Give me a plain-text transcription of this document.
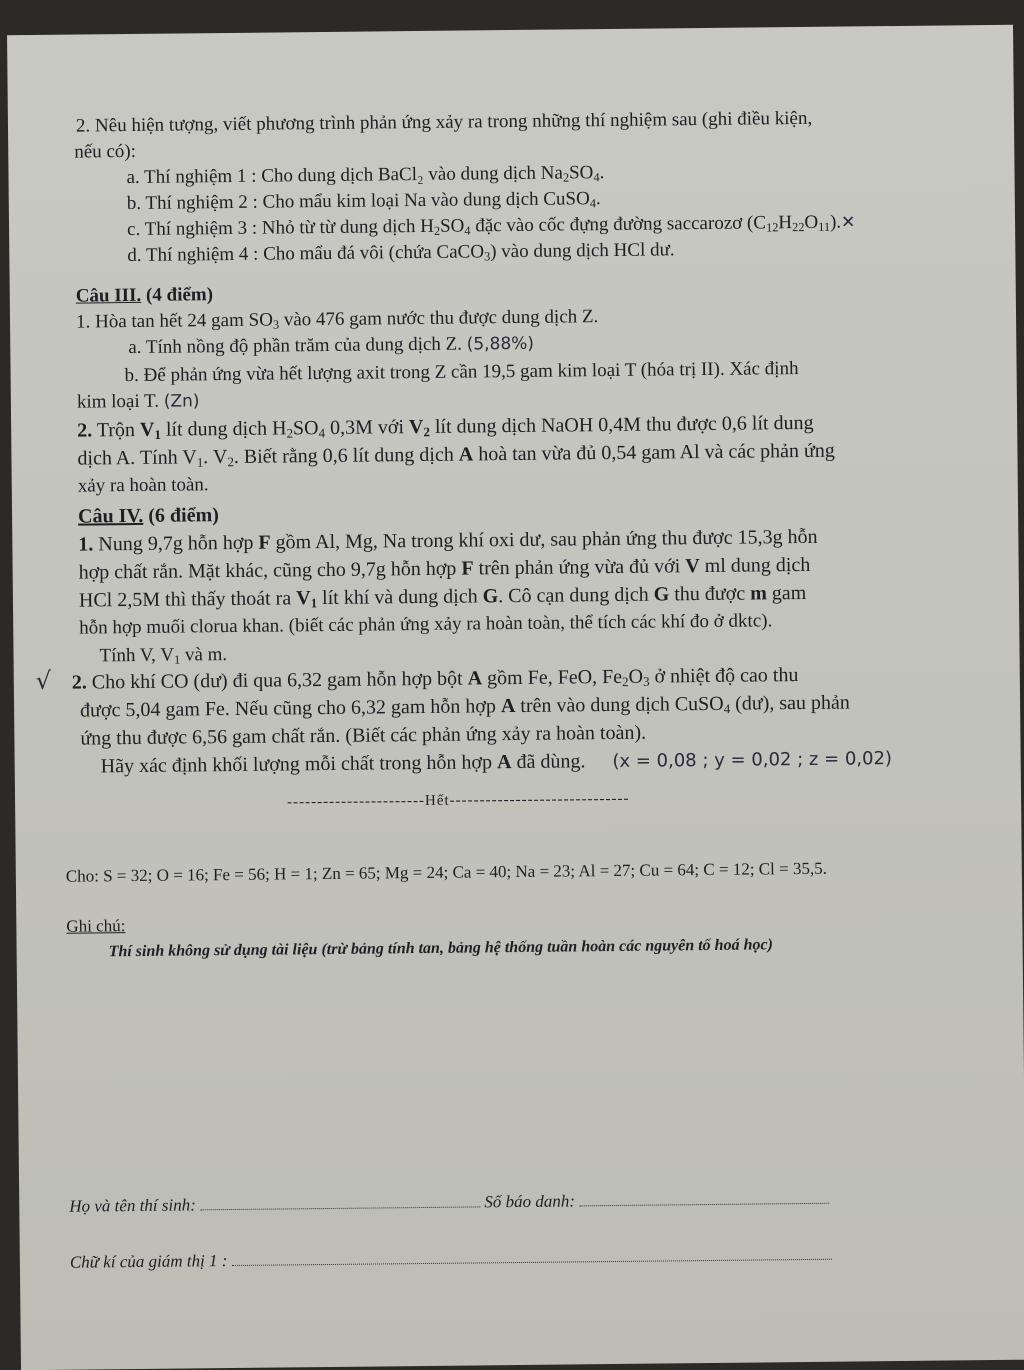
2. Nêu hiện tượng, viết phương trình phản ứng xảy ra trong những thí nghiệm sau (ghi điều kiện,
nếu có):
a. Thí nghiệm 1 : Cho dung dịch BaCl₂ vào dung dịch $Na_2SO_4$.
b. Thí nghiệm 2 : Cho mẩu kim loại Na vào dung dịch CuSO$_4$.
c. Thí nghiệm 3 : Nhỏ từ từ dung dịch $H_2SO_4$ đặc vào cốc đựng đường saccarozơ $(C_{12}H_{22}O_{11}).✕$
d. Thí nghiệm 4 : Cho mẩu đá vôi (chứa CaCO$_3$) vào dung dịch HCl dư.
Câu III. (4 điểm)
1. Hòa tan hết 24 gam $SO_3$ vào 476 gam nước thu được dung dịch Z.
a. Tính nồng độ phần trăm của dung dịch Z. (5,88%)
b. Để phản ứng vừa hết lượng axit trong Z cần 19,5 gam kim loại T (hóa trị II). Xác định
kim loại T. (Zn)
2. Trộn $V_1$ lít dung dịch $H_2SO_4$ 0,3M với $V_2$ lít dung dịch NaOH 0,4M thu được 0,6 lít dung
dịch A. Tính $V_1$. $V_2$. Biết rằng 0,6 lít dung dịch A hoà tan vừa đủ 0,54 gam Al và các phản ứng
xảy ra hoàn toàn.
Câu IV. (6 điểm)
1. Nung 9,7g hỗn hợp F gồm Al, Mg, Na trong khí oxi dư, sau phản ứng thu được 15,3g hỗn
hợp chất rắn. Mặt khác, cũng cho 9,7g hỗn hợp F trên phản ứng vừa đủ với V ml dung dịch
HCl 2,5M thì thấy thoát ra $V_1$ lít khí và dung dịch G. Cô cạn dung dịch G thu được m gam
hỗn hợp muối clorua khan. (biết các phản ứng xảy ra hoàn toàn, thể tích các khí đo ở dktc).
Tính V, $V_1$ và m.
√ 2. Cho khí CO (dư) đi qua 6,32 gam hỗn hợp bột A gồm Fe, FeO, $Fe_2O_3$ ở nhiệt độ cao thu
được 5,04 gam Fe. Nếu cũng cho 6,32 gam hỗn hợp A trên vào dung dịch CuSO$_4$ (dư), sau phản
ứng thu được 6,56 gam chất rắn. (Biết các phản ứng xảy ra hoàn toàn).
Hãy xác định khối lượng mỗi chất trong hỗn hợp A đã dùng. (x = 0,08 ; y = 0,02 ; z = 0,02)
-----------------------Hết------------------------------
Cho: S = 32; O = 16; Fe = 56; H = 1; Zn = 65; Mg = 24; Ca = 40; Na = 23; Al = 27; Cu = 64; C = 12; Cl = 35,5.
Ghi chú:
Thí sinh không sử dụng tài liệu (trừ bảng tính tan, bảng hệ thống tuần hoàn các nguyên tố hoá học)
Họ và tên thí sinh:	Số báo danh:
Chữ kí của giám thị 1 :
